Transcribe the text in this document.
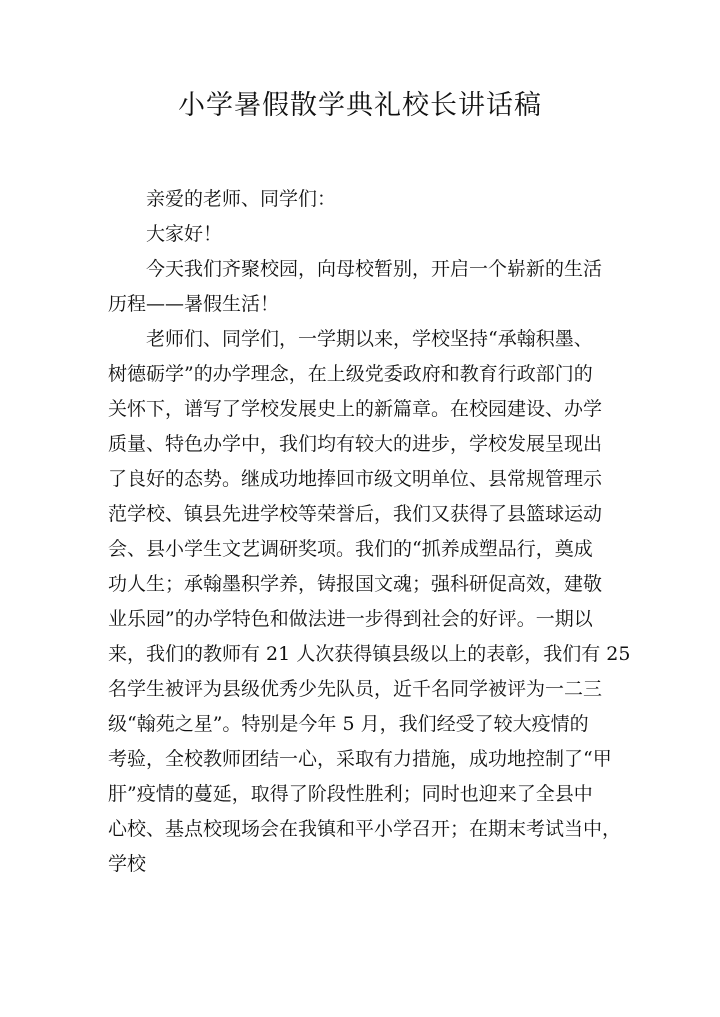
小学暑假散学典礼校长讲话稿
亲爱的老师、同学们：
大家好！
今天我们齐聚校园，向母校暂别，开启一个崭新的生活
历程——暑假生活！
老师们、同学们，一学期以来，学校坚持“承翰积墨、
树德砺学”的办学理念，在上级党委政府和教育行政部门的
关怀下，谱写了学校发展史上的新篇章。在校园建设、办学
质量、特色办学中，我们均有较大的进步，学校发展呈现出
了良好的态势。继成功地捧回市级文明单位、县常规管理示
范学校、镇县先进学校等荣誉后，我们又获得了县篮球运动
会、县小学生文艺调研奖项。我们的“抓养成塑品行，奠成
功人生；承翰墨积学养，铸报国文魂；强科研促高效，建敬
业乐园”的办学特色和做法进一步得到社会的好评。一期以
来，我们的教师有 21 人次获得镇县级以上的表彰，我们有 25
名学生被评为县级优秀少先队员，近千名同学被评为一二三
级“翰苑之星”。特别是今年 5 月，我们经受了较大疫情的
考验，全校教师团结一心，采取有力措施，成功地控制了“甲
肝”疫情的蔓延，取得了阶段性胜利；同时也迎来了全县中
心校、基点校现场会在我镇和平小学召开；在期末考试当中，
学校
